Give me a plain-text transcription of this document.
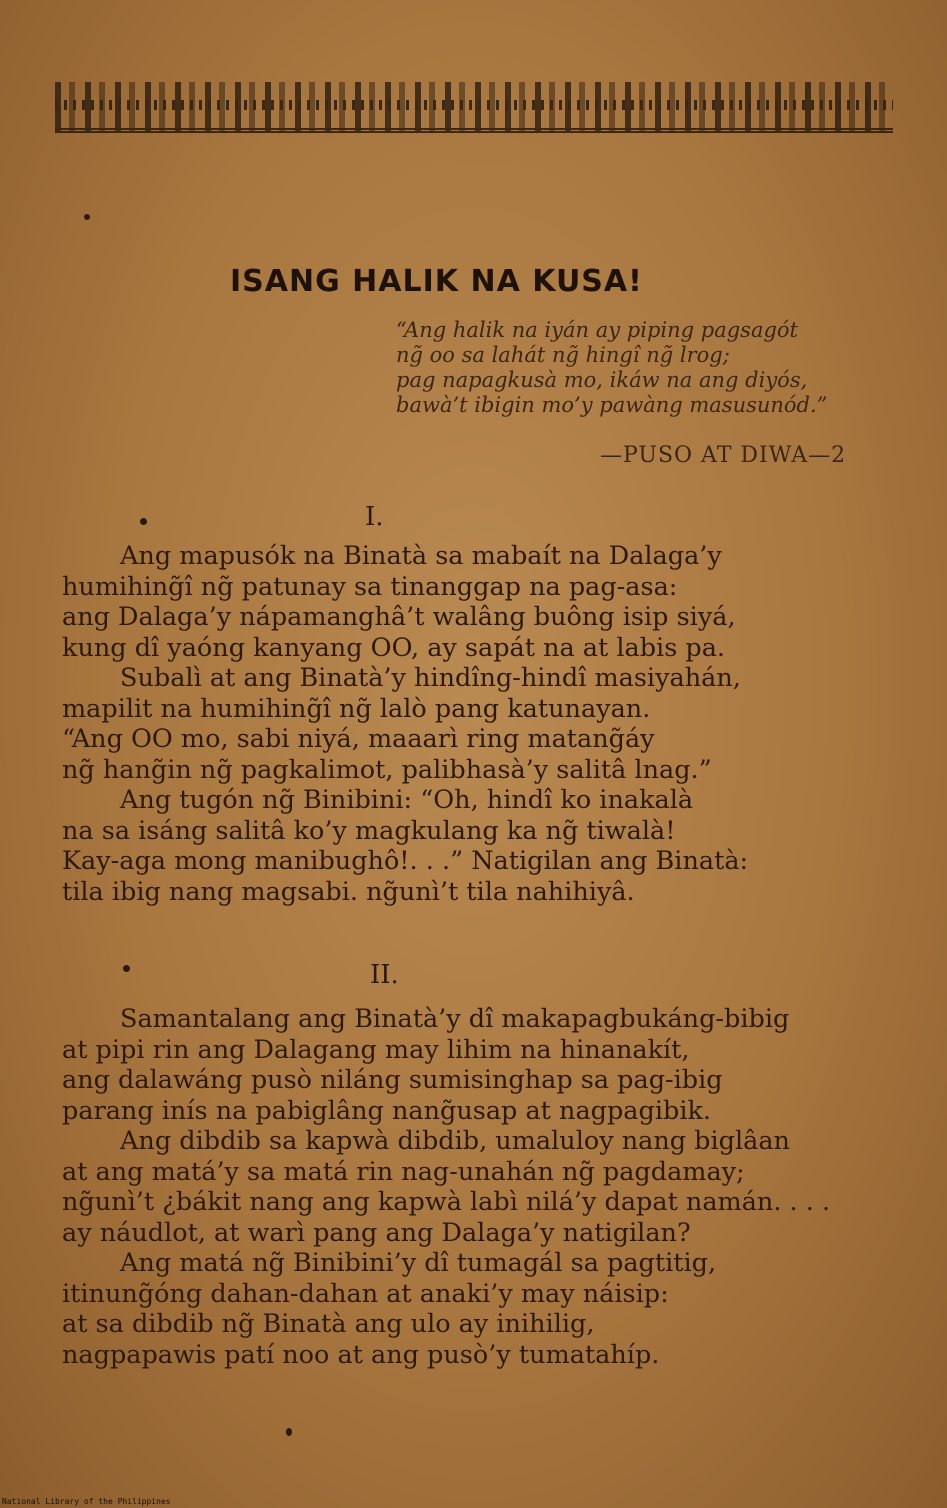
ISANG HALIK NA KUSA!
“Ang halik na iyán ay piping pagsagót
ng̃ oo sa lahát ng̃ hingî ng̃ lrog;
pag napagkusà mo, ikáw na ang diyós,
bawà’t ibigin mo’y pawàng masusunód.”
—PUSO AT DIWA—2
I.
Ang mapusók na Binatà sa mabaít na Dalaga’y
humihing̃î ng̃ patunay sa tinanggap na pag-asa:
ang Dalaga’y nápamanghâ’t walâng buông isip siyá,
kung dî yaóng kanyang OO, ay sapát na at labis pa.
Subalì at ang Binatà’y hindîng-hindî masiyahán,
mapilit na humihing̃î ng̃ lalò pang katunayan.
“Ang OO mo, sabi niyá, maaarì ring matang̃áy
ng̃ hang̃in ng̃ pagkalimot, palibhasà’y salitâ lnag.”
Ang tugón ng̃ Binibini: “Oh, hindî ko inakalà
na sa isáng salitâ ko’y magkulang ka ng̃ tiwalà!
Kay-aga mong manibughô!. . .” Natigilan ang Binatà:
tila ibig nang magsabi. ng̃unì’t tila nahihiyâ.
II.
Samantalang ang Binatà’y dî makapagbukáng-bibig
at pipi rin ang Dalagang may lihim na hinanakít,
ang dalawáng pusò niláng sumisinghap sa pag-ibig
parang inís na pabiglâng nang̃usap at nagpagibik.
Ang dibdib sa kapwà dibdib, umaluloy nang biglâan
at ang matá’y sa matá rin nag-unahán ng̃ pagdamay;
ng̃unì’t ¿bákit nang ang kapwà labì nilá’y dapat namán. . . .
ay náudlot, at warì pang ang Dalaga’y natigilan?
Ang matá ng̃ Binibini’y dî tumagál sa pagtitig,
itinung̃óng dahan-dahan at anaki’y may náisip:
at sa dibdib ng̃ Binatà ang ulo ay inihilig,
nagpapawis patí noo at ang pusò’y tumatahíp.
National Library of the Philippines
